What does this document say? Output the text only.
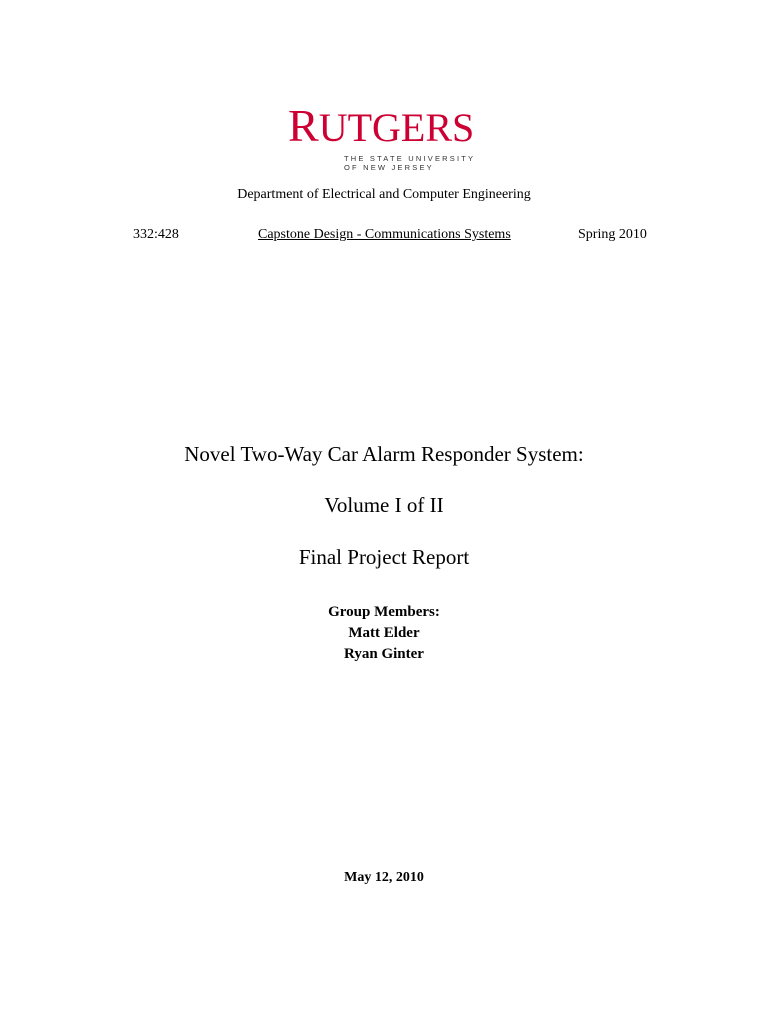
RUTGERS
THE STATE UNIVERSITY
OF NEW JERSEY
Department of Electrical and Computer Engineering
332:428	Capstone Design - Communications Systems	Spring 2010
Novel Two-Way Car Alarm Responder System:
Volume I of II
Final Project Report
Group Members:
Matt Elder
Ryan Ginter
May 12, 2010
